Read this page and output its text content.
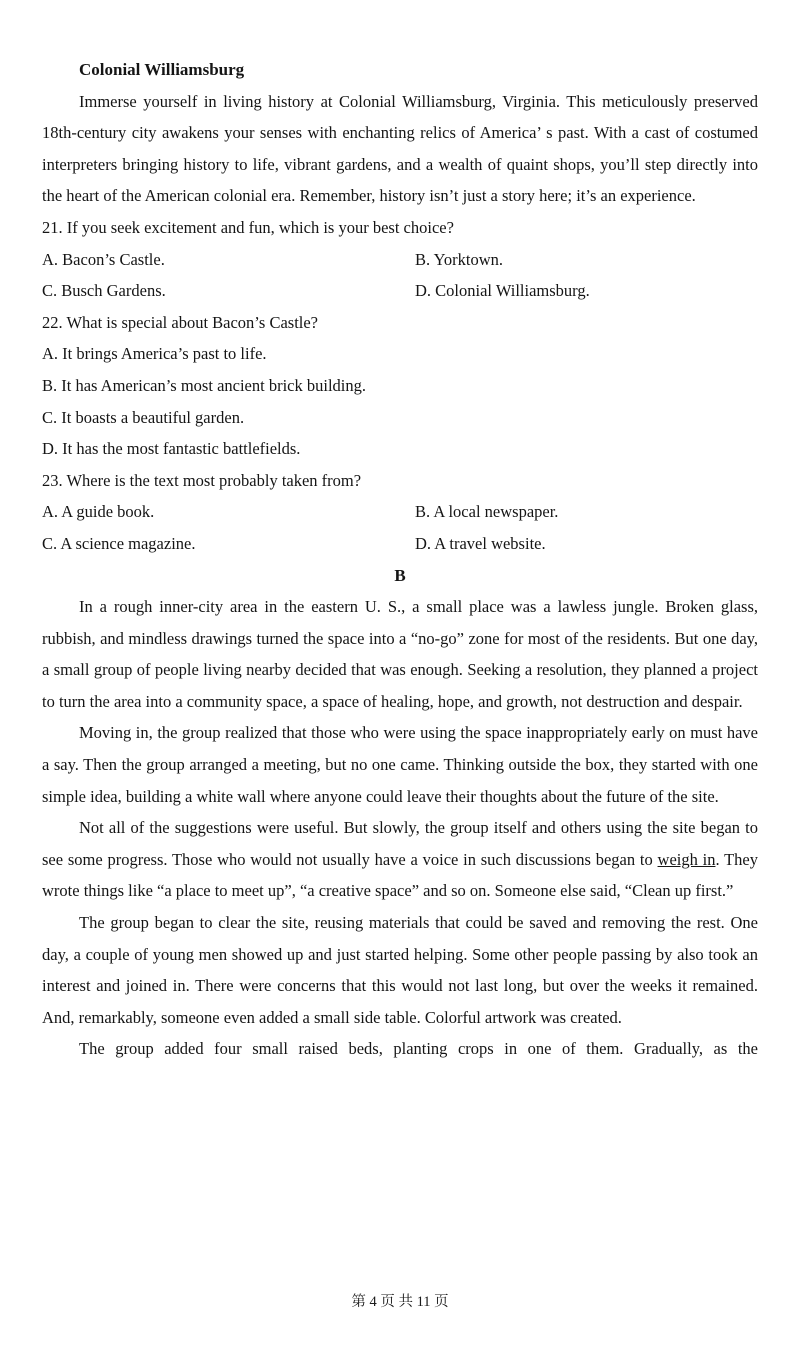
Colonial Williamsburg

Immerse yourself in living history at Colonial Williamsburg, Virginia. This meticulously preserved 18th-century city awakens your senses with enchanting relics of America’ s past. With a cast of costumed interpreters bringing history to life, vibrant gardens, and a wealth of quaint shops, you’ll step directly into the heart of the American colonial era. Remember, history isn’t just a story here; it’s an experience.

21. If you seek excitement and fun, which is your best choice?
A. Bacon’s Castle.	B. Yorktown.
C. Busch Gardens.	D. Colonial Williamsburg.
22. What is special about Bacon’s Castle?
A. It brings America’s past to life.
B. It has American’s most ancient brick building.
C. It boasts a beautiful garden.
D. It has the most fantastic battlefields.
23. Where is the text most probably taken from?
A. A guide book.	B. A local newspaper.
C. A science magazine.	D. A travel website.
B

In a rough inner-city area in the eastern U. S., a small place was a lawless jungle. Broken glass, rubbish, and mindless drawings turned the space into a “no-go” zone for most of the residents. But one day, a small group of people living nearby decided that was enough. Seeking a resolution, they planned a project to turn the area into a community space, a space of healing, hope, and growth, not destruction and despair.

Moving in, the group realized that those who were using the space inappropriately early on must have a say. Then the group arranged a meeting, but no one came. Thinking outside the box, they started with one simple idea, building a white wall where anyone could leave their thoughts about the future of the site.

Not all of the suggestions were useful. But slowly, the group itself and others using the site began to see some progress. Those who would not usually have a voice in such discussions began to weigh in. They wrote things like “a place to meet up”, “a creative space” and so on. Someone else said, “Clean up first.”

The group began to clear the site, reusing materials that could be saved and removing the rest. One day, a couple of young men showed up and just started helping. Some other people passing by also took an interest and joined in. There were concerns that this would not last long, but over the weeks it remained. And, remarkably, someone even added a small side table. Colorful artwork was created.

The group added four small raised beds, planting crops in one of them. Gradually, as the

第 4 页 共 11 页
